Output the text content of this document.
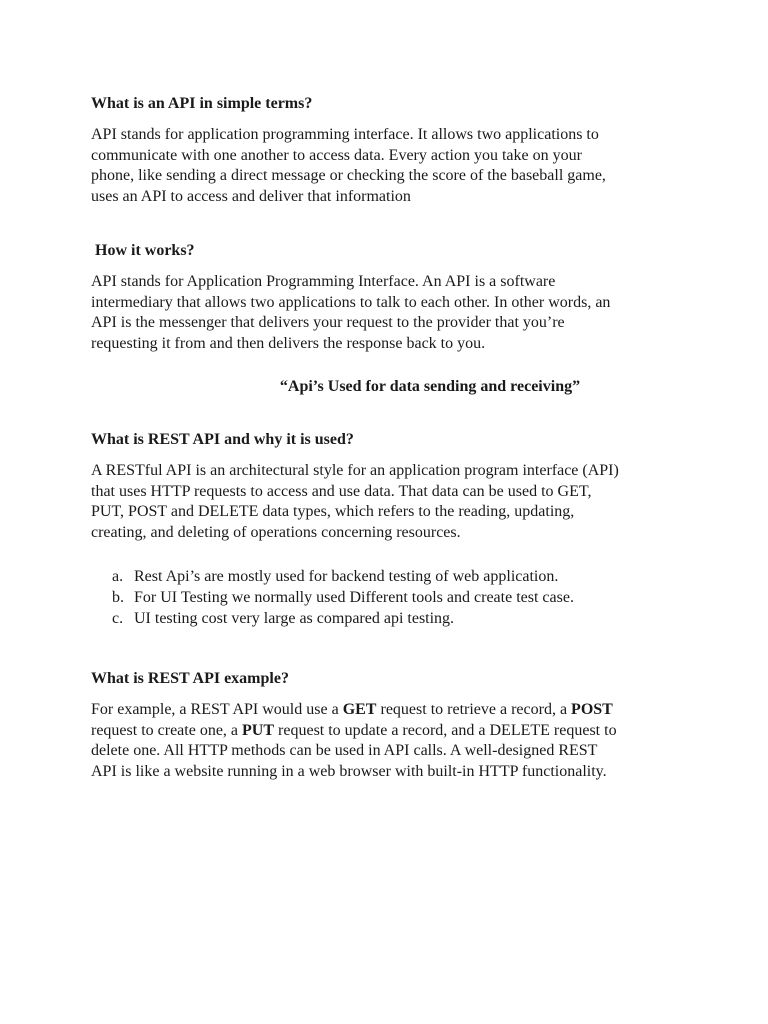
What is an API in simple terms?

API stands for application programming interface. It allows two applications to
communicate with one another to access data. Every action you take on your
phone, like sending a direct message or checking the score of the baseball game,
uses an API to access and deliver that information

How it works?

API stands for Application Programming Interface. An API is a software
intermediary that allows two applications to talk to each other. In other words, an
API is the messenger that delivers your request to the provider that you’re
requesting it from and then delivers the response back to you.

“Api’s Used for data sending and receiving”
What is REST API and why it is used?

A RESTful API is an architectural style for an application program interface (API)
that uses HTTP requests to access and use data. That data can be used to GET,
PUT, POST and DELETE data types, which refers to the reading, updating,
creating, and deleting of operations concerning resources.

a. Rest Api’s are mostly used for backend testing of web application.
b. For UI Testing we normally used Different tools and create test case.
c. UI testing cost very large as compared api testing.
What is REST API example?

For example, a REST API would use a GET request to retrieve a record, a POST
request to create one, a PUT request to update a record, and a DELETE request to
delete one. All HTTP methods can be used in API calls. A well-designed REST
API is like a website running in a web browser with built-in HTTP functionality.
